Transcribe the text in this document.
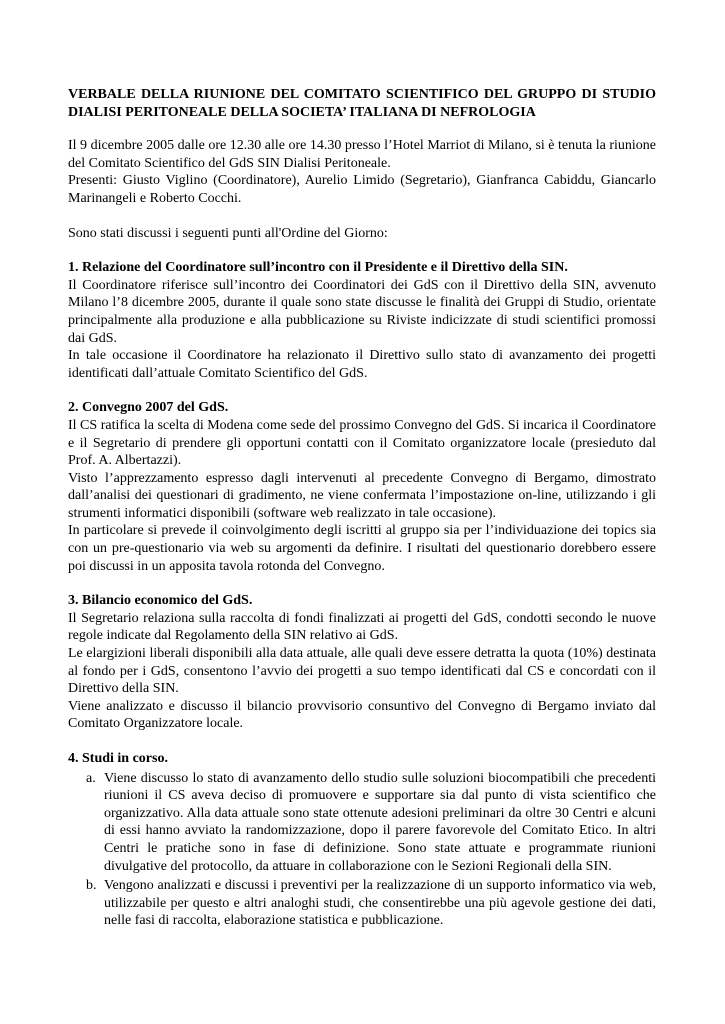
VERBALE DELLA RIUNIONE DEL COMITATO SCIENTIFICO DEL GRUPPO DI STUDIO DIALISI PERITONEALE DELLA SOCIETA’ ITALIANA DI NEFROLOGIA

Il 9 dicembre 2005 dalle ore 12.30 alle ore 14.30 presso l’Hotel Marriot di Milano, si è tenuta la riunione del Comitato Scientifico del GdS SIN Dialisi Peritoneale.

Presenti: Giusto Viglino (Coordinatore), Aurelio Limido (Segretario), Gianfranca Cabiddu, Giancarlo Marinangeli e Roberto Cocchi.

Sono stati discussi i seguenti punti all'Ordine del Giorno:

1. Relazione del Coordinatore sull’incontro con il Presidente e il Direttivo della SIN.

Il Coordinatore riferisce sull’incontro dei Coordinatori dei GdS con il Direttivo della SIN, avvenuto Milano l’8 dicembre 2005, durante il quale sono state discusse le finalità dei Gruppi di Studio, orientate principalmente alla produzione e alla pubblicazione su Riviste indicizzate di studi scientifici promossi dai GdS.

In tale occasione il Coordinatore ha relazionato il Direttivo sullo stato di avanzamento dei progetti identificati dall’attuale Comitato Scientifico del GdS.

2. Convegno 2007 del GdS.

Il CS ratifica la scelta di Modena come sede del prossimo Convegno del GdS. Si incarica il Coordinatore e il Segretario di prendere gli opportuni contatti con il Comitato organizzatore locale (presieduto dal Prof. A. Albertazzi).

Visto l’apprezzamento espresso dagli intervenuti al precedente Convegno di Bergamo, dimostrato dall’analisi dei questionari di gradimento, ne viene confermata l’impostazione on-line, utilizzando i gli strumenti informatici disponibili (software web realizzato in tale occasione).

In particolare si prevede il coinvolgimento degli iscritti al gruppo sia per l’individuazione dei topics sia con un pre-questionario via web su argomenti da definire. I risultati del questionario dorebbero essere poi discussi in un apposita tavola rotonda del Convegno.

3. Bilancio economico del GdS.

Il Segretario relaziona sulla raccolta di fondi finalizzati ai progetti del GdS, condotti secondo le nuove regole indicate dal Regolamento della SIN relativo ai GdS.

Le elargizioni liberali disponibili alla data attuale, alle quali deve essere detratta la quota (10%) destinata al fondo per i GdS, consentono l’avvio dei progetti a suo tempo identificati dal CS e concordati con il Direttivo della SIN.

Viene analizzato e discusso il bilancio provvisorio consuntivo del Convegno di Bergamo inviato dal Comitato Organizzatore locale.

4. Studi in corso.
a. Viene discusso lo stato di avanzamento dello studio sulle soluzioni biocompatibili che precedenti riunioni il CS aveva deciso di promuovere e supportare sia dal punto di vista scientifico che organizzativo. Alla data attuale sono state ottenute adesioni preliminari da oltre 30 Centri e alcuni di essi hanno avviato la randomizzazione, dopo il parere favorevole del Comitato Etico. In altri Centri le pratiche sono in fase di definizione. Sono state attuate e programmate riunioni divulgative del protocollo, da attuare in collaborazione con le Sezioni Regionali della SIN.
b. Vengono analizzati e discussi i preventivi per la realizzazione di un supporto informatico via web, utilizzabile per questo e altri analoghi studi, che consentirebbe una più agevole gestione dei dati, nelle fasi di raccolta, elaborazione statistica e pubblicazione.
